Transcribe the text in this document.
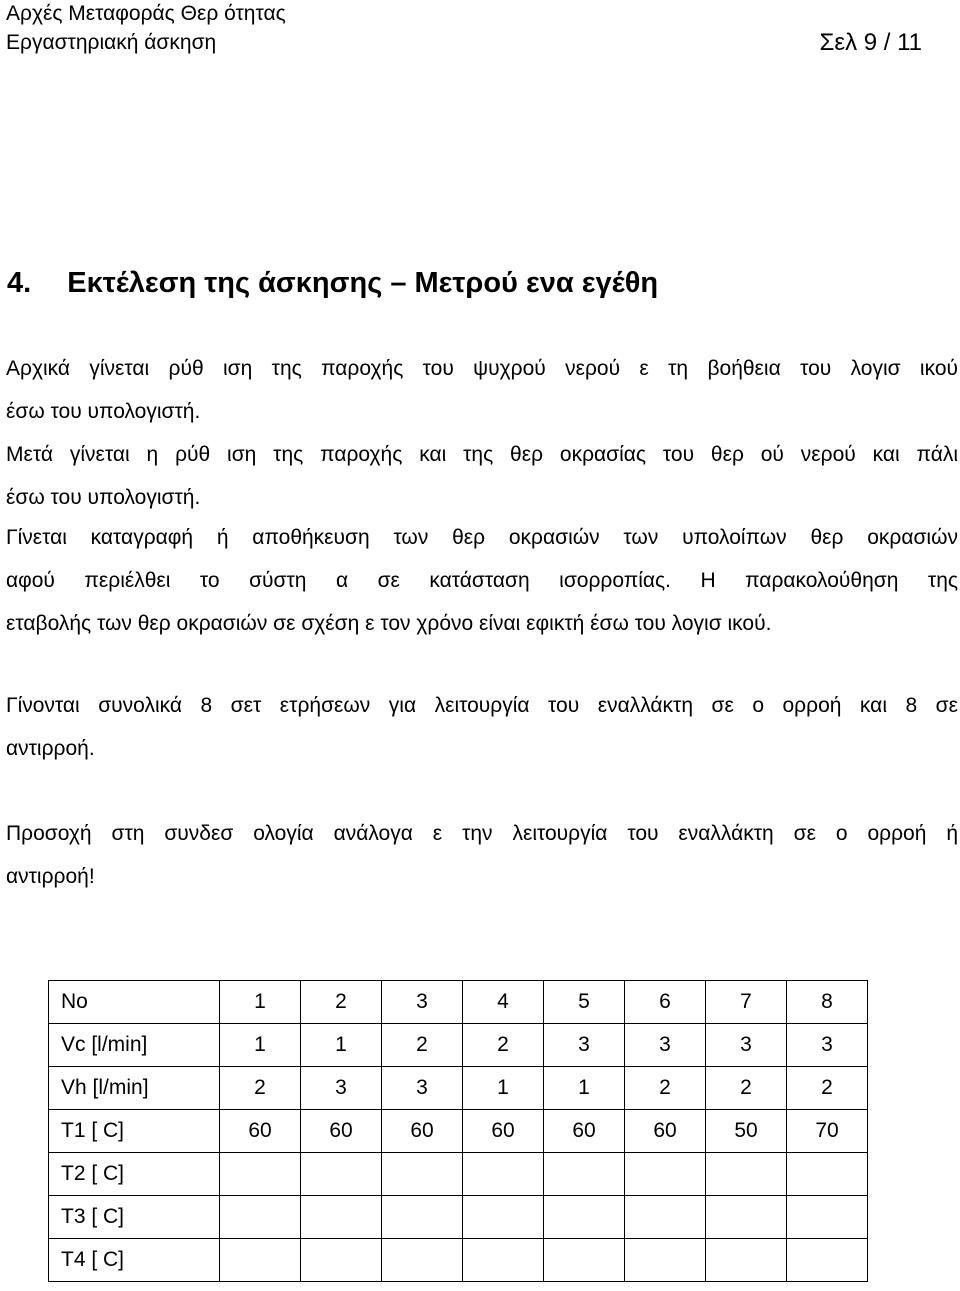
Αρχές Μεταφοράς Θερ ότητας
Εργαστηριακή άσκηση	Σελ 9 / 11
4. Εκτέλεση της άσκησης – Μετρού ενα εγέθη

Αρχικά γίνεται ρύθ ιση της παροχής του ψυχρού νερού ε τη βοήθεια του λογισ ικού

έσω του υπολογιστή.

Μετά γίνεται η ρύθ ιση της παροχής και της θερ οκρασίας του θερ ού νερού και πάλι

έσω του υπολογιστή.

Γίνεται καταγραφή ή αποθήκευση των θερ οκρασιών των υπολοίπων θερ οκρασιών

αφού περιέλθει το σύστη α σε κατάσταση ισορροπίας. Η παρακολούθηση της

εταβολής των θερ οκρασιών σε σχέση ε τον χρόνο είναι εφικτή έσω του λογισ ικού.

Γίνονται συνολικά 8 σετ ετρήσεων για λειτουργία του εναλλάκτη σε ο ορροή και 8 σε

αντιρροή.

Προσοχή στη συνδεσ ολογία ανάλογα ε την λειτουργία του εναλλάκτη σε ο ορροή ή

αντιρροή!

No	1	2	3	4	5	6	7	8
Vc [l/min]	1	1	2	2	3	3	3	3
Vh [l/min]	2	3	3	1	1	2	2	2
T1 [ C]	60	60	60	60	60	60	50	70
T2 [ C]								
T3 [ C]								
T4 [ C]								
